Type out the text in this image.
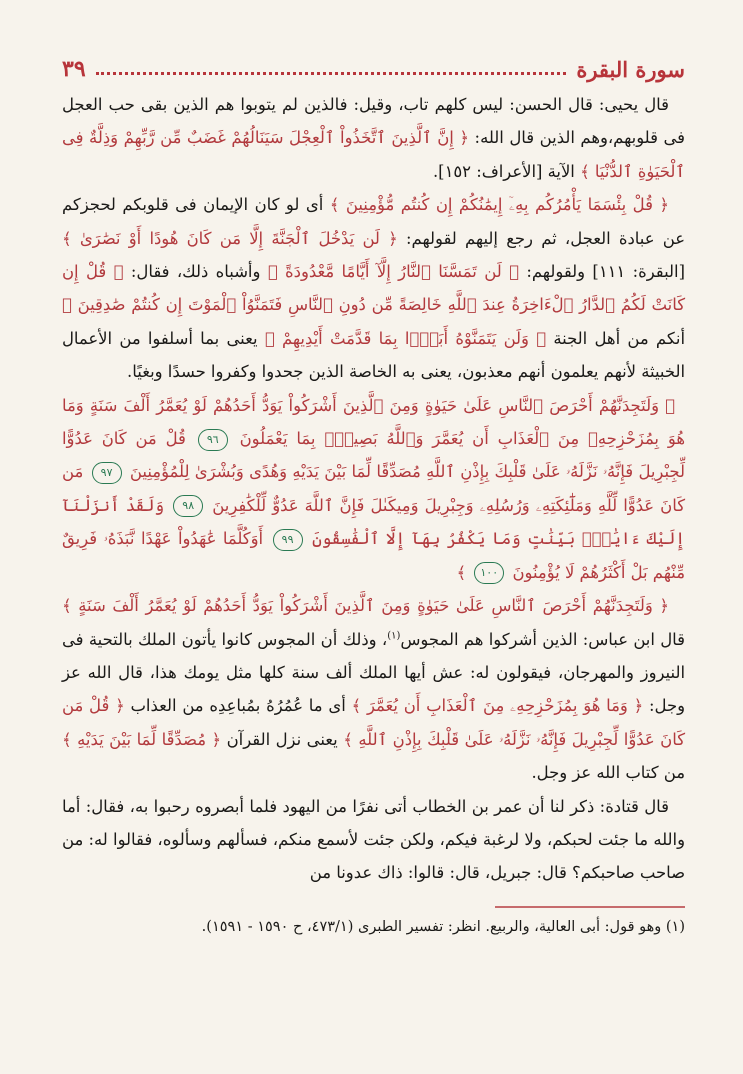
سورة البقرة
٣٩

قال يحيى: قال الحسن: ليس كلهم تاب، وقيل: فالذين لم يتوبوا هم الذين بقى حب العجل فى قلوبهم،وهم الذين قال الله: ﴿ إِنَّ ٱلَّذِينَ ٱتَّخَذُواْ ٱلْعِجْلَ سَيَنَالُهُمْ غَضَبٌ مِّن رَّبِّهِمْ وَذِلَّةٌ فِى ٱلْحَيَوٰةِ ٱلدُّنْيَا ﴾ الآية [الأعراف: ١٥٢].

﴿ قُلْ بِئْسَمَا يَأْمُرُكُم بِهِۦٓ إِيمَٰنُكُمْ إِن كُنتُم مُّؤْمِنِينَ ﴾ أى لو كان الإيمان فى قلوبكم لحجزكم عن عبادة العجل، ثم رجع إليهم لقولهم: ﴿ لَن يَدْخُلَ ٱلْجَنَّةَ إِلَّا مَن كَانَ هُودًا أَوْ نَصَٰرَىٰ ﴾ [البقرة: ١١١] ولقولهم: ﴿ لَن تَمَسَّنَا ٱلنَّارُ إِلَّآ أَيَّامًا مَّعْدُودَةً ﴾ وأشباه ذلك، فقال: ﴿ قُلْ إِن كَانَتْ لَكُمُ ٱلدَّارُ ٱلْءَاخِرَةُ عِندَ ٱللَّهِ خَالِصَةً مِّن دُونِ ٱلنَّاسِ فَتَمَنَّوُاْ ٱلْمَوْتَ إِن كُنتُمْ صَٰدِقِينَ ﴾ أنكم من أهل الجنة ﴿ وَلَن يَتَمَنَّوْهُ أَبَدًۢا بِمَا قَدَّمَتْ أَيْدِيهِمْ ﴾ يعنى بما أسلفوا من الأعمال الخبيثة لأنهم يعلمون أنهم معذبون، يعنى به الخاصة الذين جحدوا وكفروا حسدًا وبغيًا.

﴿ وَلَتَجِدَنَّهُمْ أَحْرَصَ ٱلنَّاسِ عَلَىٰ حَيَوٰةٍ وَمِنَ ٱلَّذِينَ أَشْرَكُواْ يَوَدُّ أَحَدُهُمْ لَوْ يُعَمَّرُ أَلْفَ سَنَةٍ وَمَا هُوَ بِمُزَحْزِحِهِۦ مِنَ ٱلْعَذَابِ أَن يُعَمَّرَ وَٱللَّهُ بَصِيرٌۢ بِمَا يَعْمَلُونَ ٩٦ قُلْ مَن كَانَ عَدُوًّا لِّجِبْرِيلَ فَإِنَّهُۥ نَزَّلَهُۥ عَلَىٰ قَلْبِكَ بِإِذْنِ ٱللَّهِ مُصَدِّقًا لِّمَا بَيْنَ يَدَيْهِ وَهُدًى وَبُشْرَىٰ لِلْمُؤْمِنِينَ ٩٧ مَن كَانَ عَدُوًّا لِّلَّهِ وَمَلَٰٓئِكَتِهِۦ وَرُسُلِهِۦ وَجِبْرِيلَ وَمِيكَىٰلَ فَإِنَّ ٱللَّهَ عَدُوٌّ لِّلْكَٰفِرِينَ ٩٨ وَلَقَدْ أَنزَلْنَآ إِلَيْكَ ءَايَٰتٍۭ بَيِّنَٰتٍ وَمَا يَكْفُرُ بِهَآ إِلَّا ٱلْفَٰسِقُونَ ٩٩ أَوَكُلَّمَا عَٰهَدُواْ عَهْدًا نَّبَذَهُۥ فَرِيقٌ مِّنْهُم بَلْ أَكْثَرُهُمْ لَا يُؤْمِنُونَ ١٠٠ ﴾

﴿ وَلَتَجِدَنَّهُمْ أَحْرَصَ ٱلنَّاسِ عَلَىٰ حَيَوٰةٍ وَمِنَ ٱلَّذِينَ أَشْرَكُواْ يَوَدُّ أَحَدُهُمْ لَوْ يُعَمَّرُ أَلْفَ سَنَةٍ ﴾ قال ابن عباس: الذين أشركوا هم المجوس$^{(١)}$، وذلك أن المجوس كانوا يأتون الملك بالتحية فى النيروز والمهرجان، فيقولون له: عش أيها الملك ألف سنة كلها مثل يومك هذا، قال الله عز وجل: ﴿ وَمَا هُوَ بِمُزَحْزِحِهِۦ مِنَ ٱلْعَذَابِ أَن يُعَمَّرَ ﴾ أى ما عُمُرُهُ بمُباعِدِه من العذاب ﴿ قُلْ مَن كَانَ عَدُوًّا لِّجِبْرِيلَ فَإِنَّهُۥ نَزَّلَهُۥ عَلَىٰ قَلْبِكَ بِإِذْنِ ٱللَّهِ ﴾ يعنى نزل القرآن ﴿ مُصَدِّقًا لِّمَا بَيْنَ يَدَيْهِ ﴾ من كتاب الله عز وجل.

قال قتادة: ذكر لنا أن عمر بن الخطاب أتى نفرًا من اليهود فلما أبصروه رحبوا به، فقال: أما والله ما جئت لحبكم، ولا لرغبة فيكم، ولكن جئت لأسمع منكم، فسألهم وسألوه، فقالوا له: من صاحب صاحبكم؟ قال: جبريل، قال: قالوا: ذاك عدونا من

(١) وهو قول: أبى العالية، والربيع. انظر: تفسير الطبرى (٤٧٣/١، ح ١٥٩٠ - ١٥٩١).
